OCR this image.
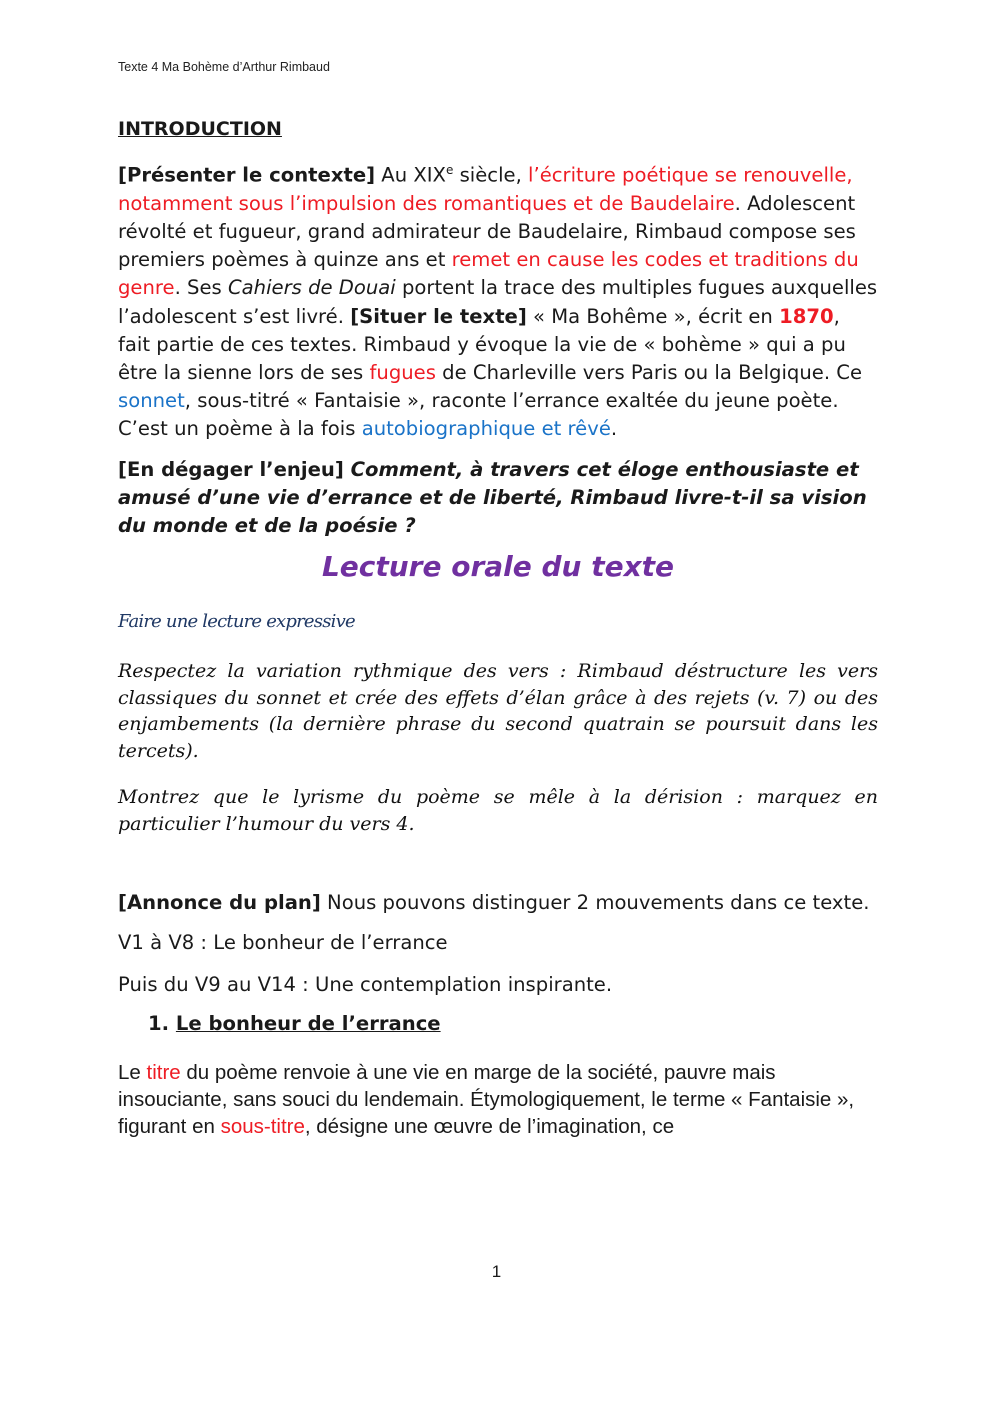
Texte 4 Ma Bohème d’Arthur Rimbaud
INTRODUCTION

[Présenter le contexte] Au XIXe siècle, l’écriture poétique se renouvelle, notamment sous l’impulsion des romantiques et de Baudelaire. Adolescent révolté et fugueur, grand admirateur de Baudelaire, Rimbaud compose ses premiers poèmes à quinze ans et remet en cause les codes et traditions du genre. Ses Cahiers de Douai portent la trace des multiples fugues auxquelles l’adolescent s’est livré. [Situer le texte] « Ma Bohême », écrit en 1870, fait partie de ces textes. Rimbaud y évoque la vie de « bohème » qui a pu être la sienne lors de ses fugues de Charleville vers Paris ou la Belgique. Ce sonnet, sous-titré « Fantaisie », raconte l’errance exaltée du jeune poète. C’est un poème à la fois autobiographique et rêvé.

[En dégager l’enjeu] Comment, à travers cet éloge enthousiaste et amusé d’une vie d’errance et de liberté, Rimbaud livre-t-il sa vision du monde et de la poésie ?

Lecture orale du texte
Faire une lecture expressive

Respectez la variation rythmique des vers : Rimbaud déstructure les vers classiques du sonnet et crée des effets d’élan grâce à des rejets (v. 7) ou des enjambements (la dernière phrase du second quatrain se poursuit dans les tercets).

Montrez que le lyrisme du poème se mêle à la dérision : marquez en particulier l’humour du vers 4.

[Annonce du plan] Nous pouvons distinguer 2 mouvements dans ce texte.

V1 à V8 : Le bonheur de l’errance

Puis du V9 au V14 : Une contemplation inspirante.

1. Le bonheur de l’errance

Le titre du poème renvoie à une vie en marge de la société, pauvre mais insouciante, sans souci du lendemain. Étymologiquement, le terme « Fantaisie », figurant en sous-titre, désigne une œuvre de l’imagination, ce

1
